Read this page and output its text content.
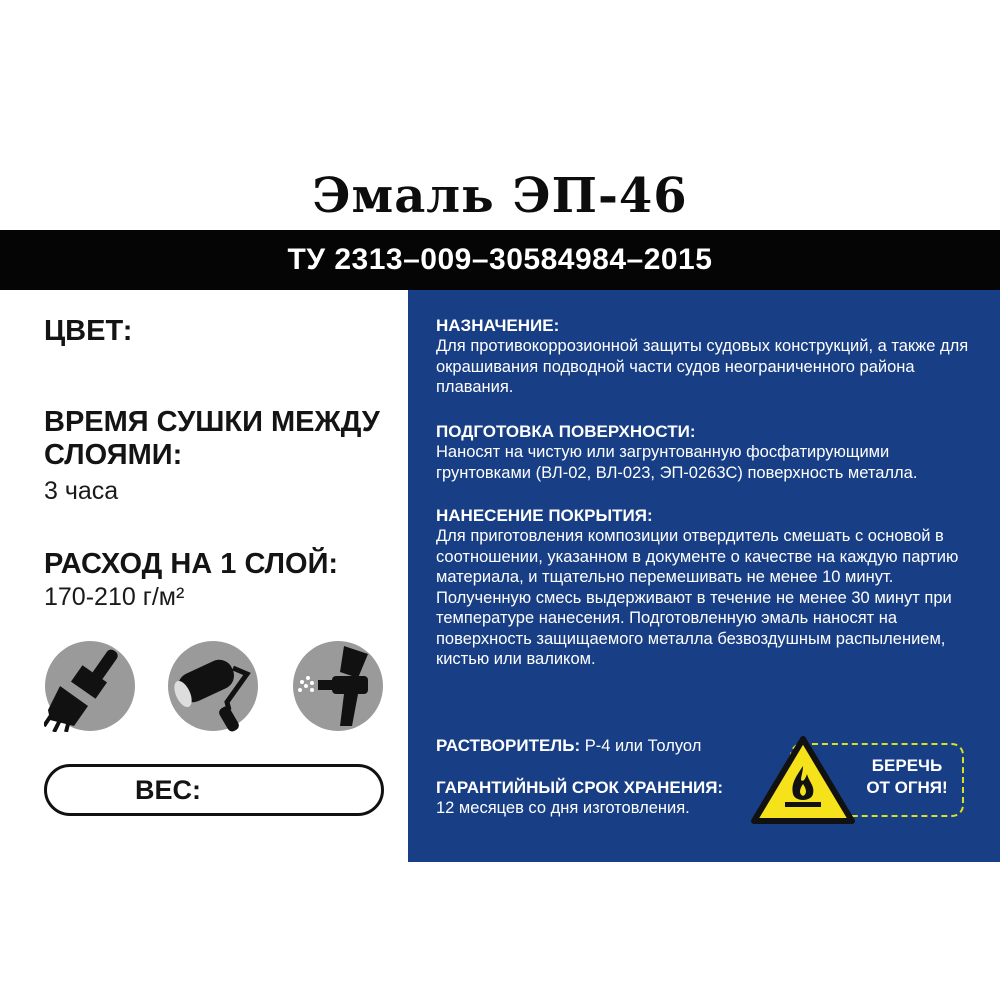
Эмаль ЭП-46
ТУ 2313–009–30584984–2015
ЦВЕТ:
ВРЕМЯ СУШКИ МЕЖДУ СЛОЯМИ:
3 часа
РАСХОД НА 1 СЛОЙ:
170-210 г/м²
ВЕС:
НАЗНАЧЕНИЕ:
Для противокоррозионной защиты судовых конструкций, а также для окрашивания подводной части судов неограниченного района плавания.
ПОДГОТОВКА ПОВЕРХНОСТИ:
Наносят на чистую или загрунтованную фосфатирующими грунтовками (ВЛ-02, ВЛ-023, ЭП-0263С) поверхность металла.
НАНЕСЕНИЕ ПОКРЫТИЯ:
Для приготовления композиции отвердитель смешать с основой в соотношении, указанном в документе о качестве на каждую партию материала, и тщательно перемешивать не менее 10 минут.
Полученную смесь выдерживают в течение не менее 30 минут при температуре нанесения. Подготовленную эмаль наносят на поверхность защищаемого металла безвоздушным распылением, кистью или валиком.
РАСТВОРИТЕЛЬ: Р-4 или Толуол
ГАРАНТИЙНЫЙ СРОК ХРАНЕНИЯ:
12 месяцев со дня изготовления.
БЕРЕЧЬ
ОТ ОГНЯ!
